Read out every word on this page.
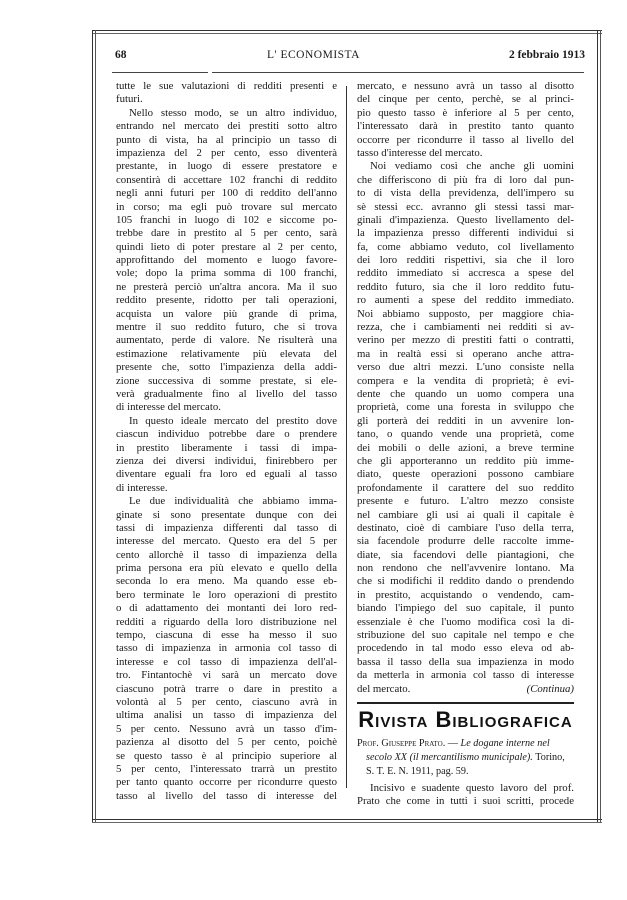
68	L' ECONOMISTA	2 febbraio 1913
tutte le sue valutazioni di redditi presenti e
futuri.
Nello stesso modo, se un altro individuo,
entrando nel mercato dei prestiti sotto altro
punto di vista, ha al principio un tasso di
impazienza del 2 per cento, esso diventerà
prestante, in luogo di essere prestatore e
consentirà di accettare 102 franchi di reddito
negli anni futuri per 100 di reddito dell'anno
in corso; ma egli può trovare sul mercato
105 franchi in luogo di 102 e siccome po-
trebbe dare in prestito al 5 per cento, sarà
quindi lieto di poter prestare al 2 per cento,
approfittando del momento e luogo favore-
vole; dopo la prima somma di 100 franchi,
ne presterà perciò un'altra ancora. Ma il suo
reddito presente, ridotto per tali operazioni,
acquista un valore più grande di prima,
mentre il suo reddito futuro, che si trova
aumentato, perde di valore. Ne risulterà una
estimazione relativamente più elevata del
presente che, sotto l'impazienza della addi-
zione successiva di somme prestate, si ele-
verà gradualmente fino al livello del tasso
di interesse del mercato.
In questo ideale mercato del prestito dove
ciascun individuo potrebbe dare o prendere
in prestito liberamente i tassi di impa-
zienza dei diversi individui, finirebbero per
diventare eguali fra loro ed eguali al tasso
di interesse.
Le due individualità che abbiamo imma-
ginate si sono presentate dunque con dei
tassi di impazienza differenti dal tasso di
interesse del mercato. Questo era del 5 per
cento allorchè il tasso di impazienza della
prima persona era più elevato e quello della
seconda lo era meno. Ma quando esse eb-
bero terminate le loro operazioni di prestito
o di adattamento dei montanti dei loro red-
redditi a riguardo della loro distribuzione nel
tempo, ciascuna di esse ha messo il suo
tasso di impazienza in armonia col tasso di
interesse e col tasso di impazienza dell'al-
tro. Fintantochè vi sarà un mercato dove
ciascuno potrà trarre o dare in prestito a
volontà al 5 per cento, ciascuno avrà in
ultima analisi un tasso di impazienza del
5 per cento. Nessuno avrà un tasso d'im-
pazienza al disotto del 5 per cento, poichè
se questo tasso è al principio superiore al
5 per cento, l'interessato trarrà un prestito
per tanto quanto occorre per ricondurre questo
tasso al livello del tasso di interesse del
mercato, e nessuno avrà un tasso al disotto
del cinque per cento, perchè, se al princi-
pio questo tasso è inferiore al 5 per cento,
l'interessato darà in prestito tanto quanto
occorre per ricondurre il tasso al livello del
tasso d'interesse del mercato.
Noi vediamo così che anche gli uomini
che differiscono di più fra di loro dal pun-
to di vista della previdenza, dell'impero su
sè stessi ecc. avranno gli stessi tassi mar-
ginali d'impazienza. Questo livellamento del-
la impazienza presso differenti individui si
fa, come abbiamo veduto, col livellamento
dei loro redditi rispettivi, sia che il loro
reddito immediato si accresca a spese del
reddito futuro, sia che il loro reddito futu-
ro aumenti a spese del reddito immediato.
Noi abbiamo supposto, per maggiore chia-
rezza, che i cambiamenti nei redditi si av-
verino per mezzo di prestiti fatti o contratti,
ma in realtà essi si operano anche attra-
verso due altri mezzi. L'uno consiste nella
compera e la vendita di proprietà; è evi-
dente che quando un uomo compera una
proprietà, come una foresta in sviluppo che
gli porterà dei redditi in un avvenire lon-
tano, o quando vende una proprietà, come
dei mobili o delle azioni, a breve termine
che gli apporteranno un reddito più imme-
diato, queste operazioni possono cambiare
profondamente il carattere del suo reddito
presente e futuro. L'altro mezzo consiste
nel cambiare gli usi ai quali il capitale è
destinato, cioè di cambiare l'uso della terra,
sia facendole produrre delle raccolte imme-
diate, sia facendovi delle piantagioni, che
non rendono che nell'avvenire lontano. Ma
che si modifichi il reddito dando o prendendo
in prestito, acquistando o vendendo, cam-
biando l'impiego del suo capitale, il punto
essenziale è che l'uomo modifica così la di-
stribuzione del suo capitale nel tempo e che
procedendo in tal modo esso eleva od ab-
bassa il tasso della sua impazienza in modo
da metterla in armonia col tasso di interesse
del mercato.	(Continua)
Rivista Bibliografica
Prof. Giuseppe Prato. — Le dogane interne nel secolo XX (il mercantilismo municipale). Torino, S. T. E. N. 1911, pag. 59.
Incisivo e suadente questo lavoro del prof.
Prato che come in tutti i suoi scritti, procede
